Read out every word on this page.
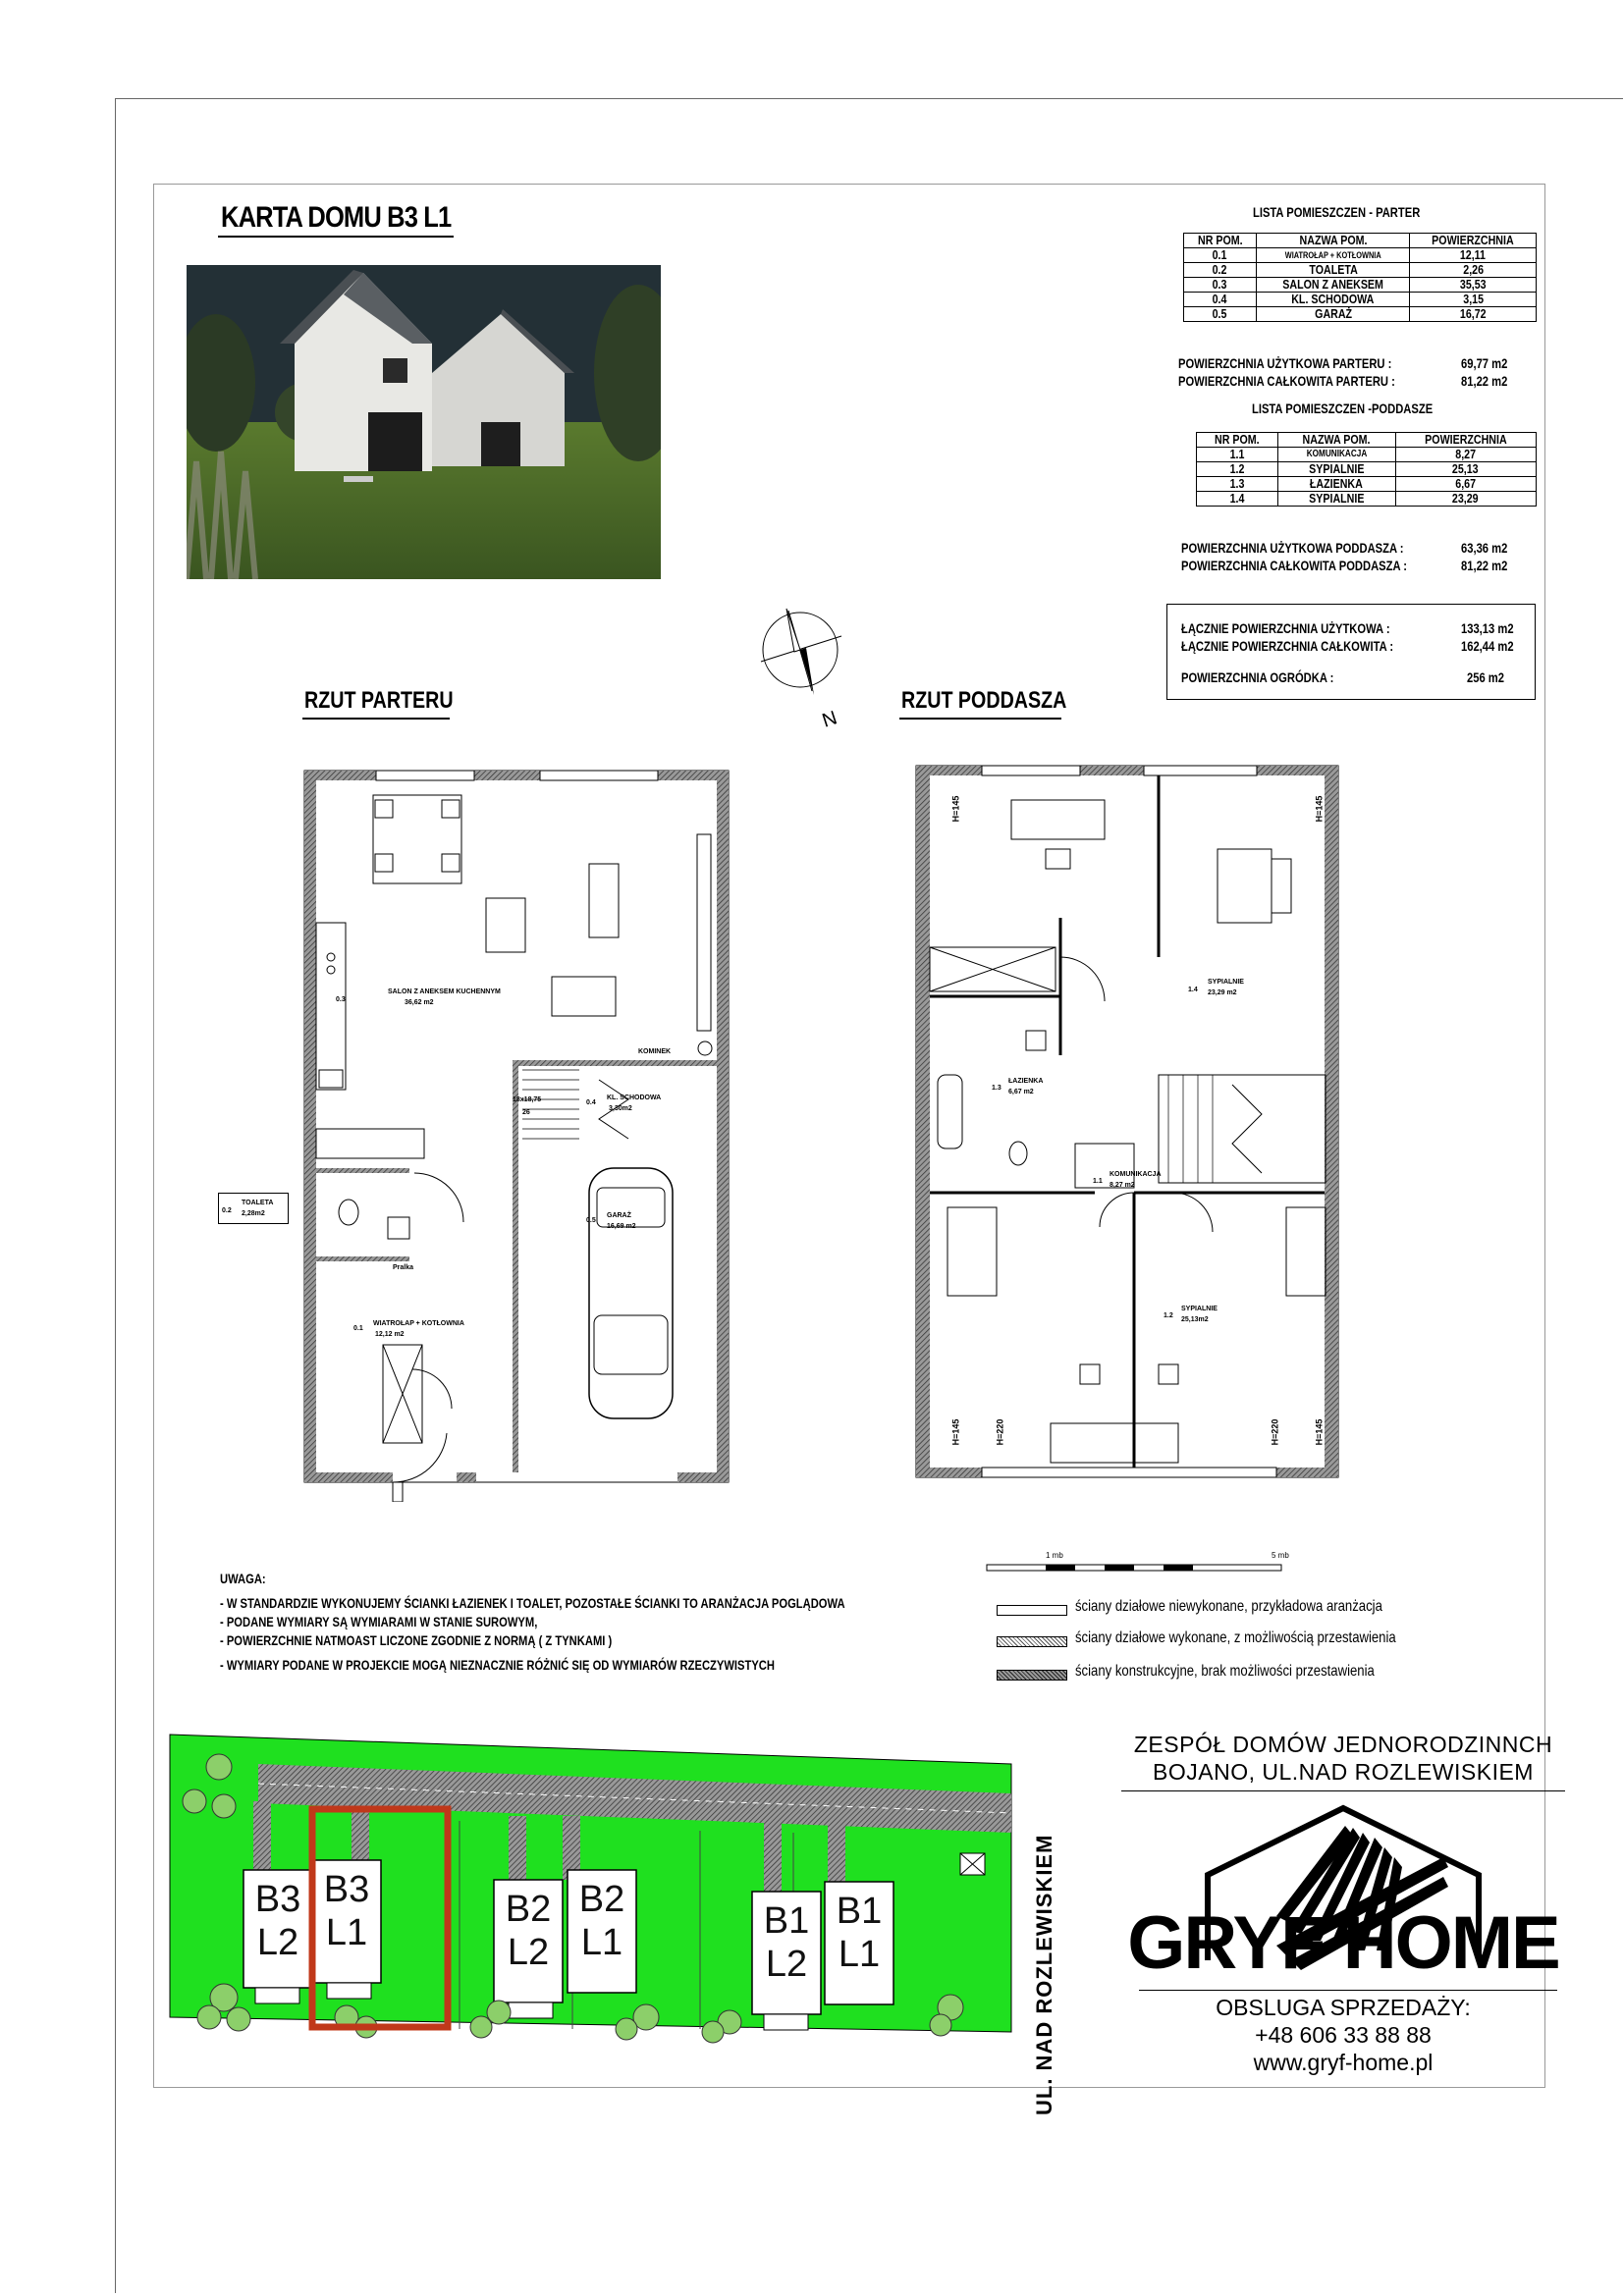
KARTA DOMU B3 L1	LISTA POMIESZCZEN - PARTER
NR POM.	NAZWA POM.	POWIERZCHNIA
0.1	WIATROŁAP + KOTŁOWNIA	12,11
0.2	TOALETA	2,26
0.3	SALON Z ANEKSEM	35,53
0.4	KL. SCHODOWA	3,15
0.5	GARAŻ	16,72
POWIERZCHNIA UŻYTKOWA PARTERU :	69,77 m2
POWIERZCHNIA CAŁKOWITA PARTERU :	81,22 m2
LISTA POMIESZCZEN -PODDASZE
NR POM.	NAZWA POM.	POWIERZCHNIA
1.1	KOMUNIKACJA	8,27
1.2	SYPIALNIE	25,13
1.3	ŁAZIENKA	6,67
1.4	SYPIALNIE	23,29
POWIERZCHNIA UŻYTKOWA PODDASZA :	63,36 m2
POWIERZCHNIA CAŁKOWITA PODDASZA :	81,22 m2
ŁĄCZNIE POWIERZCHNIA UŻYTKOWA :	133,13 m2
ŁĄCZNIE POWIERZCHNIA CAŁKOWITA :	162,44 m2
POWIERZCHNIA OGRÓDKA :	256 m2
N
RZUT PARTERU	RZUT PODDASZA
0.3
SALON Z ANEKSEM KUCHENNYM
36,62 m2
KOMINEK
18x18,75
26
0.4
KL. SCHODOWA
3,30m2
0.5
GARAŻ
16,69 m2
Pralka
0.1
WIATROŁAP + KOTŁOWNIA
12,12 m2
0.2
TOALETA
2,28m2
H=145	H=145
H=145	H=145
H=220	H=220
1.4
SYPIALNIE
23,29 m2
1.3
ŁAZIENKA
6,67 m2
1.1
KOMUNIKACJA
8,27 m2
1.2
SYPIALNIE
25,13m2
UWAGA:
- W STANDARDZIE WYKONUJEMY ŚCIANKI ŁAZIENEK I TOALET, POZOSTAŁE ŚCIANKI TO ARANŻACJA POGLĄDOWA
- PODANE WYMIARY SĄ WYMIARAMI W STANIE SUROWYM,
- POWIERZCHNIE NATMOAST LICZONE ZGODNIE Z NORMĄ ( Z TYNKAMI )
- WYMIARY PODANE W PROJEKCIE MOGĄ NIEZNACZNIE RÓŻNIĆ SIĘ OD WYMIARÓW RZECZYWISTYCH
1 mb	5 mb
ściany działowe niewykonane, przykładowa aranżacja
ściany działowe wykonane, z możliwością przestawienia
ściany konstrukcyjne, brak możliwości przestawienia
B3
L2
B3
L1
B2
L2
B2
L1
B1
L2
B1
L1	UL. NAD ROZLEWISKIEM
ZESPÓŁ DOMÓW JEDNORODZINNCH
BOJANO, UL.NAD ROZLEWISKIEM
GRYF HOME
OBSLUGA SPRZEDAŻY:
+48 606 33 88 88
www.gryf-home.pl
